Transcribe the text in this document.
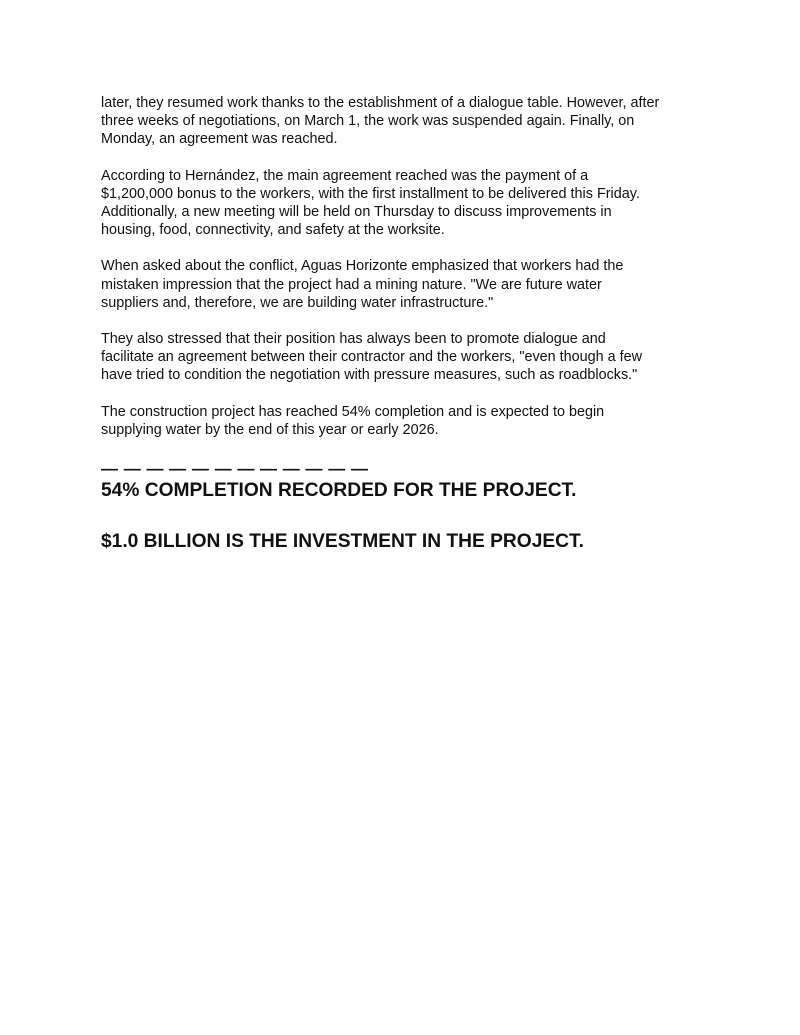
later, they resumed work thanks to the establishment of a dialogue table. However, after
three weeks of negotiations, on March 1, the work was suspended again. Finally, on
Monday, an agreement was reached.

According to Hernández, the main agreement reached was the payment of a
$1,200,000 bonus to the workers, with the first installment to be delivered this Friday.
Additionally, a new meeting will be held on Thursday to discuss improvements in
housing, food, connectivity, and safety at the worksite.

When asked about the conflict, Aguas Horizonte emphasized that workers had the
mistaken impression that the project had a mining nature. "We are future water
suppliers and, therefore, we are building water infrastructure."

They also stressed that their position has always been to promote dialogue and
facilitate an agreement between their contractor and the workers, "even though a few
have tried to condition the negotiation with pressure measures, such as roadblocks."

The construction project has reached 54% completion and is expected to begin
supplying water by the end of this year or early 2026.

— — — — — — — — — — — —
54% COMPLETION RECORDED FOR THE PROJECT.
$1.0 BILLION IS THE INVESTMENT IN THE PROJECT.
